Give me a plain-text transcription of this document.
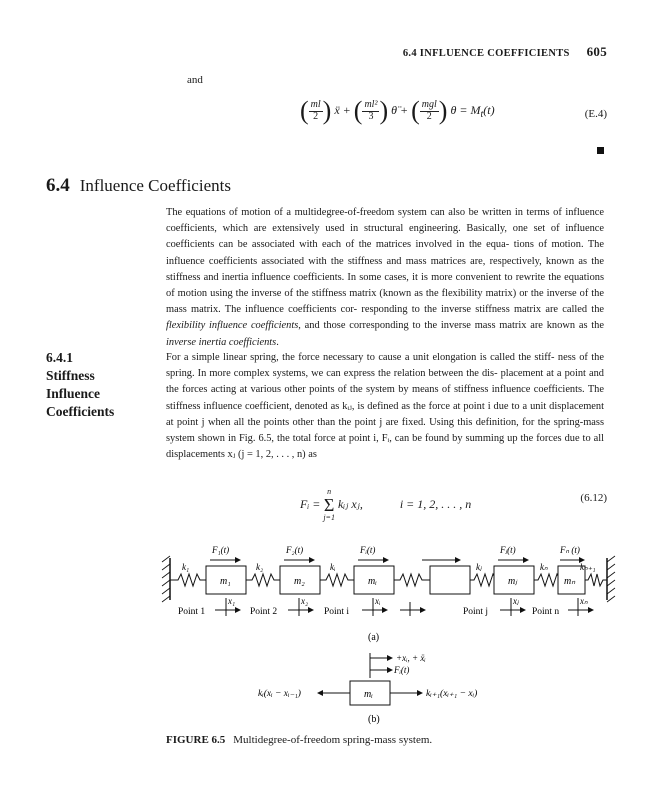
6.4 INFLUENCE COEFFICIENTS 605
and
( $\frac{ml}{2}$ ) ẍ + ( $\frac{\text{ml²}}{3}$ ) θ̈ + ( $\frac{\text{mgl}}{2}$ ) $\theta = M_t(t)$	(E.4)
6.4 Influence Coefficients
The equations of motion of a multidegree-of-freedom system can also be written in terms of influence coefficients, which are extensively used in structural engineering. Basically, one set of influence coefficients can be associated with each of the matrices involved in the equa- tions of motion. The influence coefficients associated with the stiffness and mass matrices are, respectively, known as the stiffness and inertia influence coefficients. In some cases, it is more convenient to rewrite the equations of motion using the inverse of the stiffness matrix (known as the flexibility matrix) or the inverse of the mass matrix. The influence coefficients cor- responding to the inverse stiffness matrix are called the flexibility influence coefficients, and those corresponding to the inverse mass matrix are known as the inverse inertia coefficients.
6.4.1
Stiffness
Influence
Coefficients
For a simple linear spring, the force necessary to cause a unit elongation is called the stiff- ness of the spring. In more complex systems, we can express the relation between the dis- placement at a point and the forces acting at various other points of the system by means of stiffness influence coefficients. The stiffness influence coefficient, denoted as kᵢⱼ, is defined as the force at point i due to a unit displacement at point j when all the points other than the point j are fixed. Using this definition, for the spring-mass system shown in Fig. 6.5, the total force at point i, Fᵢ, can be found by summing up the forces due to all displacements xⱼ (j = 1, 2, . . . , n) as
Fᵢ =
n
Σ
j=1
kᵢⱼ xⱼ,	i = 1, 2, . . . , n	(6.12)
m₁	m₂	mᵢ	mⱼ	mₙ
k₁	k₂	kᵢ	kⱼ	kₙ	kₙ₊₁
F₁(t)	F₂(t)	Fᵢ(t)	Fⱼ(t)	Fₙ (t)
x₁	x₂	xᵢ	xⱼ	xₙ
Point 1	Point 2	Point i	Point j	Point n
(a)
+xᵢ, + ẍᵢ
Fᵢ(t)
mᵢ
kᵢ(xᵢ − xᵢ₋₁)	kᵢ₊₁(xᵢ₊₁ − xᵢ)
(b)
FIGURE 6.5 Multidegree-of-freedom spring-mass system.
